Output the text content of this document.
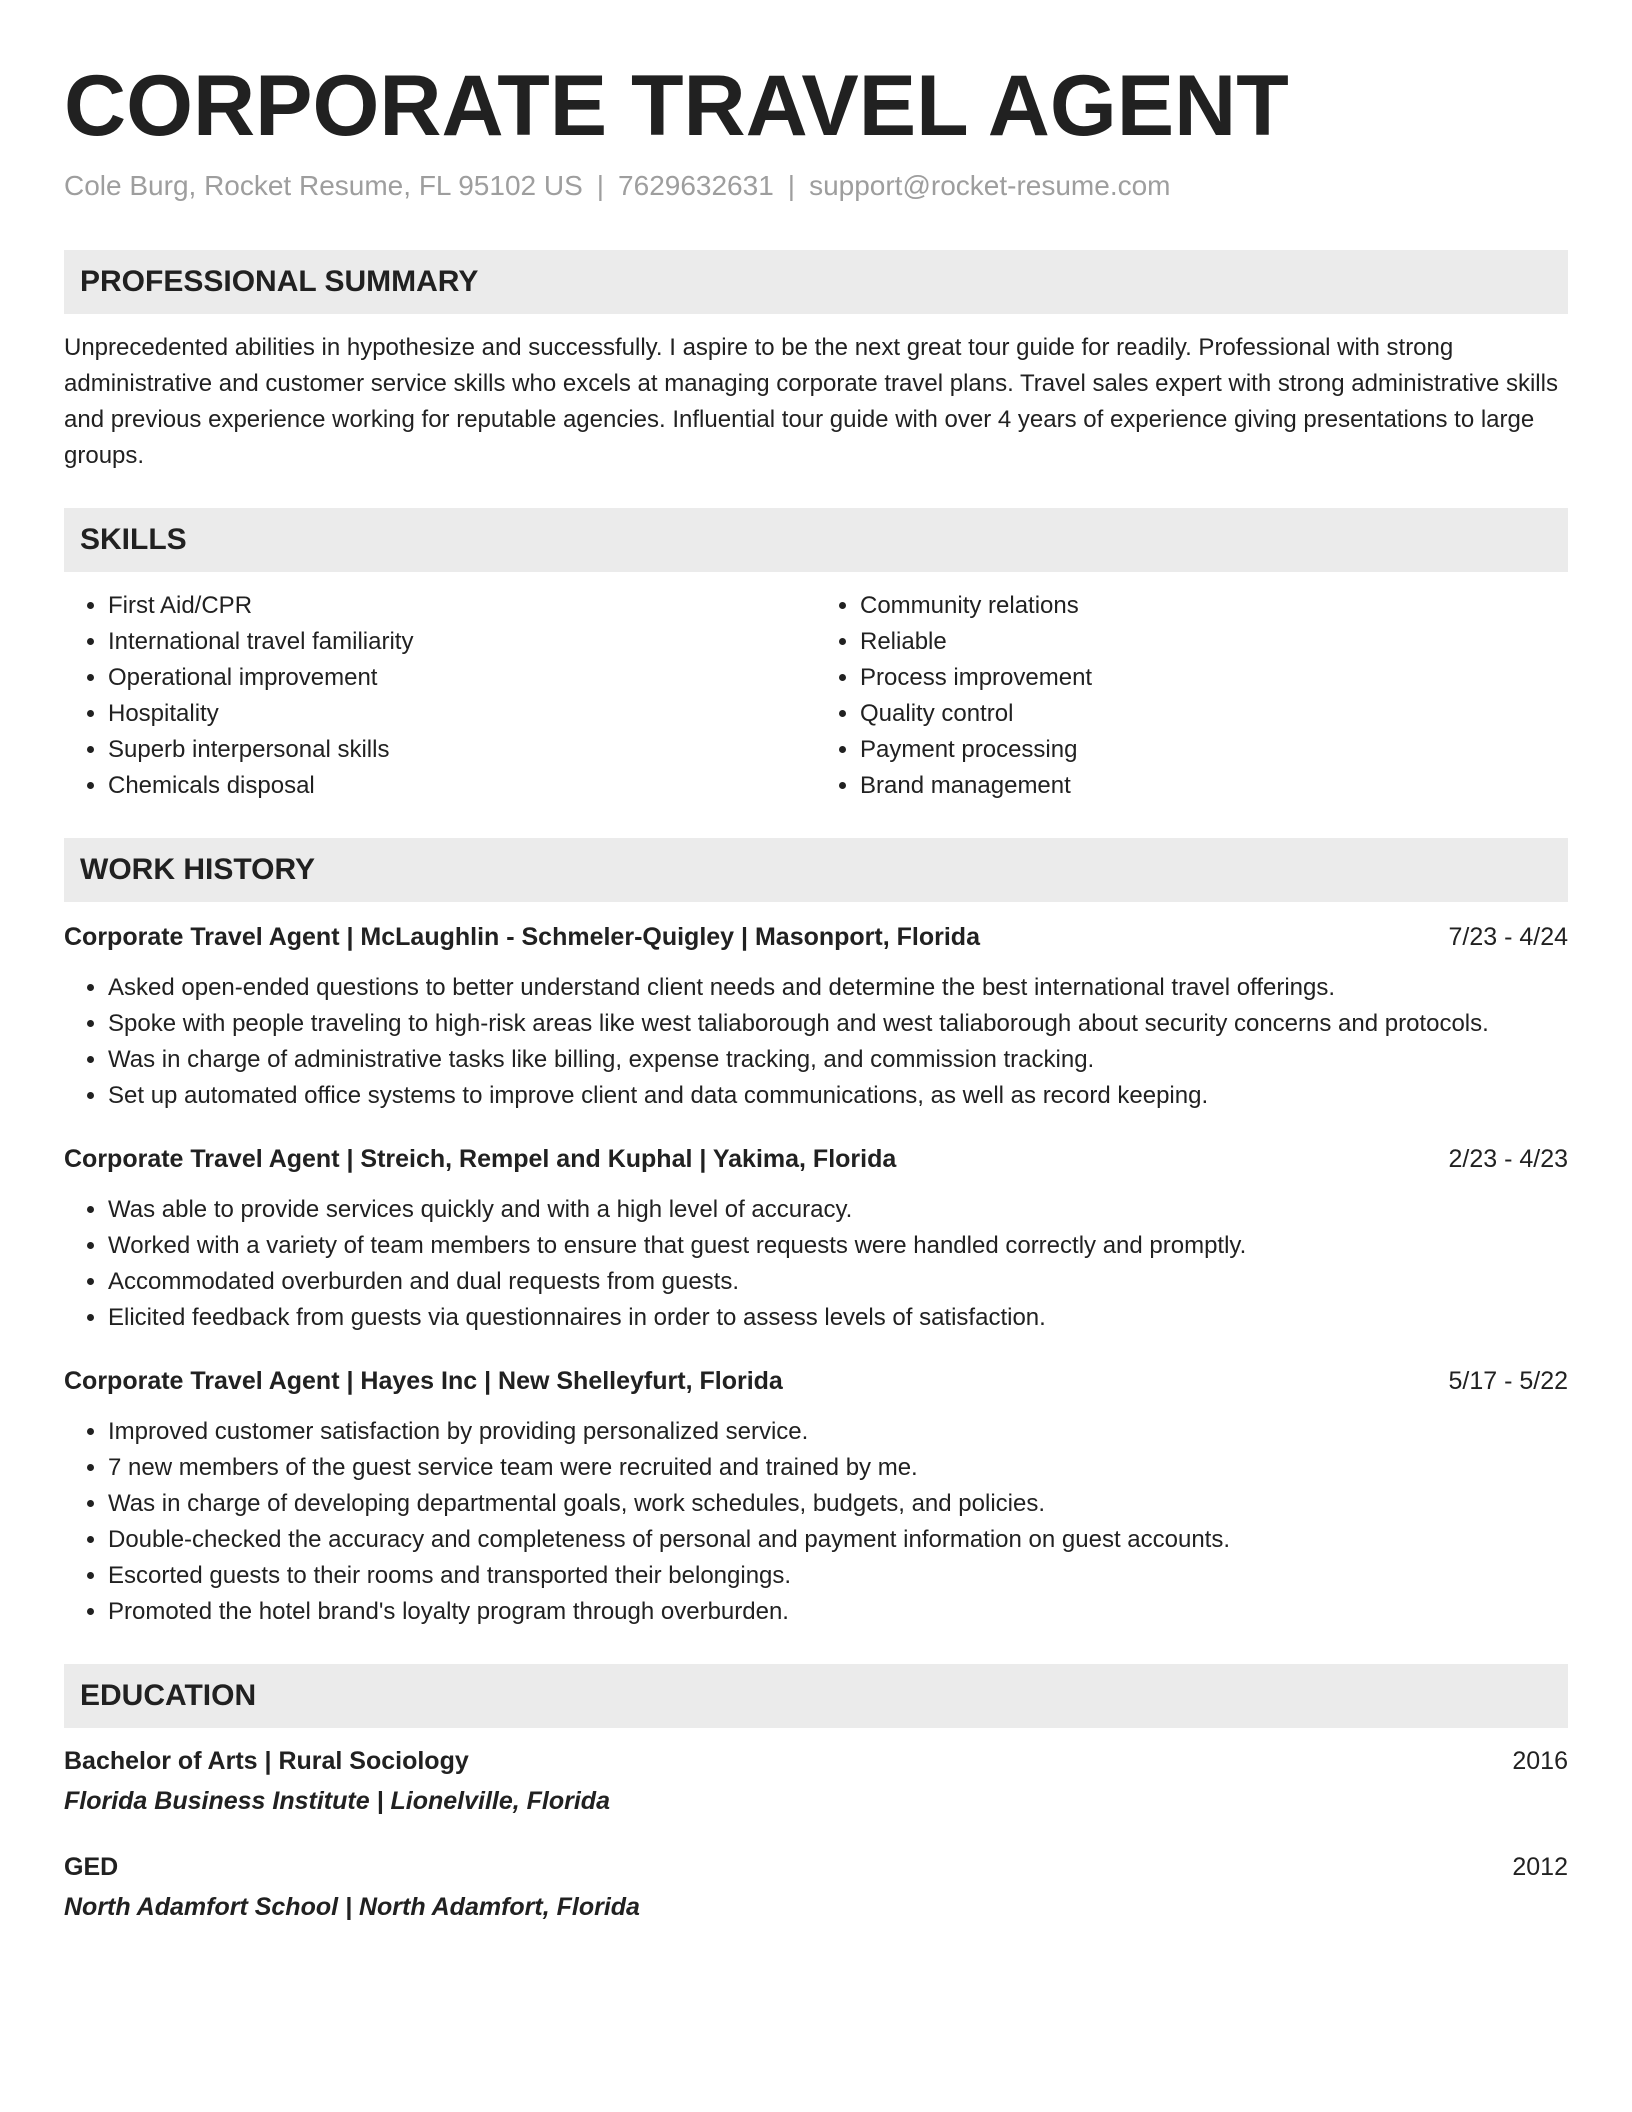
CORPORATE TRAVEL AGENT
Cole Burg, Rocket Resume, FL 95102 US | 7629632631 | support@rocket-resume.com
PROFESSIONAL SUMMARY
Unprecedented abilities in hypothesize and successfully. I aspire to be the next great tour guide for readily. Professional with strong administrative and customer service skills who excels at managing corporate travel plans. Travel sales expert with strong administrative skills and previous experience working for reputable agencies. Influential tour guide with over 4 years of experience giving presentations to large groups.
SKILLS
• First Aid/CPR
• International travel familiarity
• Operational improvement
• Hospitality
• Superb interpersonal skills
• Chemicals disposal
• Community relations
• Reliable
• Process improvement
• Quality control
• Payment processing
• Brand management
WORK HISTORY
Corporate Travel Agent | McLaughlin - Schmeler-Quigley | Masonport, Florida	7/23 - 4/24
• Asked open-ended questions to better understand client needs and determine the best international travel offerings.
• Spoke with people traveling to high-risk areas like west taliaborough and west taliaborough about security concerns and protocols.
• Was in charge of administrative tasks like billing, expense tracking, and commission tracking.
• Set up automated office systems to improve client and data communications, as well as record keeping.
Corporate Travel Agent | Streich, Rempel and Kuphal | Yakima, Florida	2/23 - 4/23
• Was able to provide services quickly and with a high level of accuracy.
• Worked with a variety of team members to ensure that guest requests were handled correctly and promptly.
• Accommodated overburden and dual requests from guests.
• Elicited feedback from guests via questionnaires in order to assess levels of satisfaction.
Corporate Travel Agent | Hayes Inc | New Shelleyfurt, Florida	5/17 - 5/22
• Improved customer satisfaction by providing personalized service.
• 7 new members of the guest service team were recruited and trained by me.
• Was in charge of developing departmental goals, work schedules, budgets, and policies.
• Double-checked the accuracy and completeness of personal and payment information on guest accounts.
• Escorted guests to their rooms and transported their belongings.
• Promoted the hotel brand's loyalty program through overburden.
EDUCATION
Bachelor of Arts | Rural Sociology	2016
Florida Business Institute | Lionelville, Florida
GED	2012
North Adamfort School | North Adamfort, Florida
